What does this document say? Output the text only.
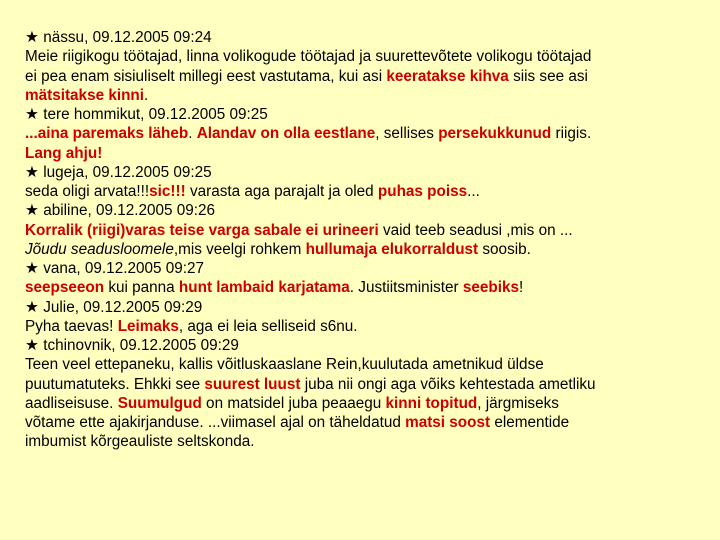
★ nässu, 09.12.2005 09:24
Meie riigikogu töötajad, linna volikogude töötajad ja suurettevõtete volikogu töötajad
ei pea enam sisiuliselt millegi eest vastutama, kui asi keeratakse kihva siis see asi
mätsitakse kinni.
★ tere hommikut, 09.12.2005 09:25
...aina paremaks läheb. Alandav on olla eestlane, sellises persekukkunud riigis.
Lang ahju!
★ lugeja, 09.12.2005 09:25
seda oligi arvata!!!sic!!! varasta aga parajalt ja oled puhas poiss...
★ abiline, 09.12.2005 09:26
Korralik (riigi)varas teise varga sabale ei urineeri vaid teeb seadusi ,mis on ...
Jõudu seadusloomele,mis veelgi rohkem hullumaja elukorraldust soosib.
★ vana, 09.12.2005 09:27
seepseeon kui panna hunt lambaid karjatama. Justiitsminister seebiks!
★ Julie, 09.12.2005 09:29
Pyha taevas! Leimaks, aga ei leia selliseid s6nu.
★ tchinovnik, 09.12.2005 09:29
Teen veel ettepaneku, kallis võitluskaaslane Rein,kuulutada ametnikud üldse
puutumatuteks. Ehkki see suurest luust juba nii ongi aga võiks kehtestada ametliku
aadliseisuse. Suumulgud on matsidel juba peaaegu kinni topitud, järgmiseks
võtame ette ajakirjanduse. ...viimasel ajal on täheldatud matsi soost elementide
imbumist kõrgeauliste seltskonda.
